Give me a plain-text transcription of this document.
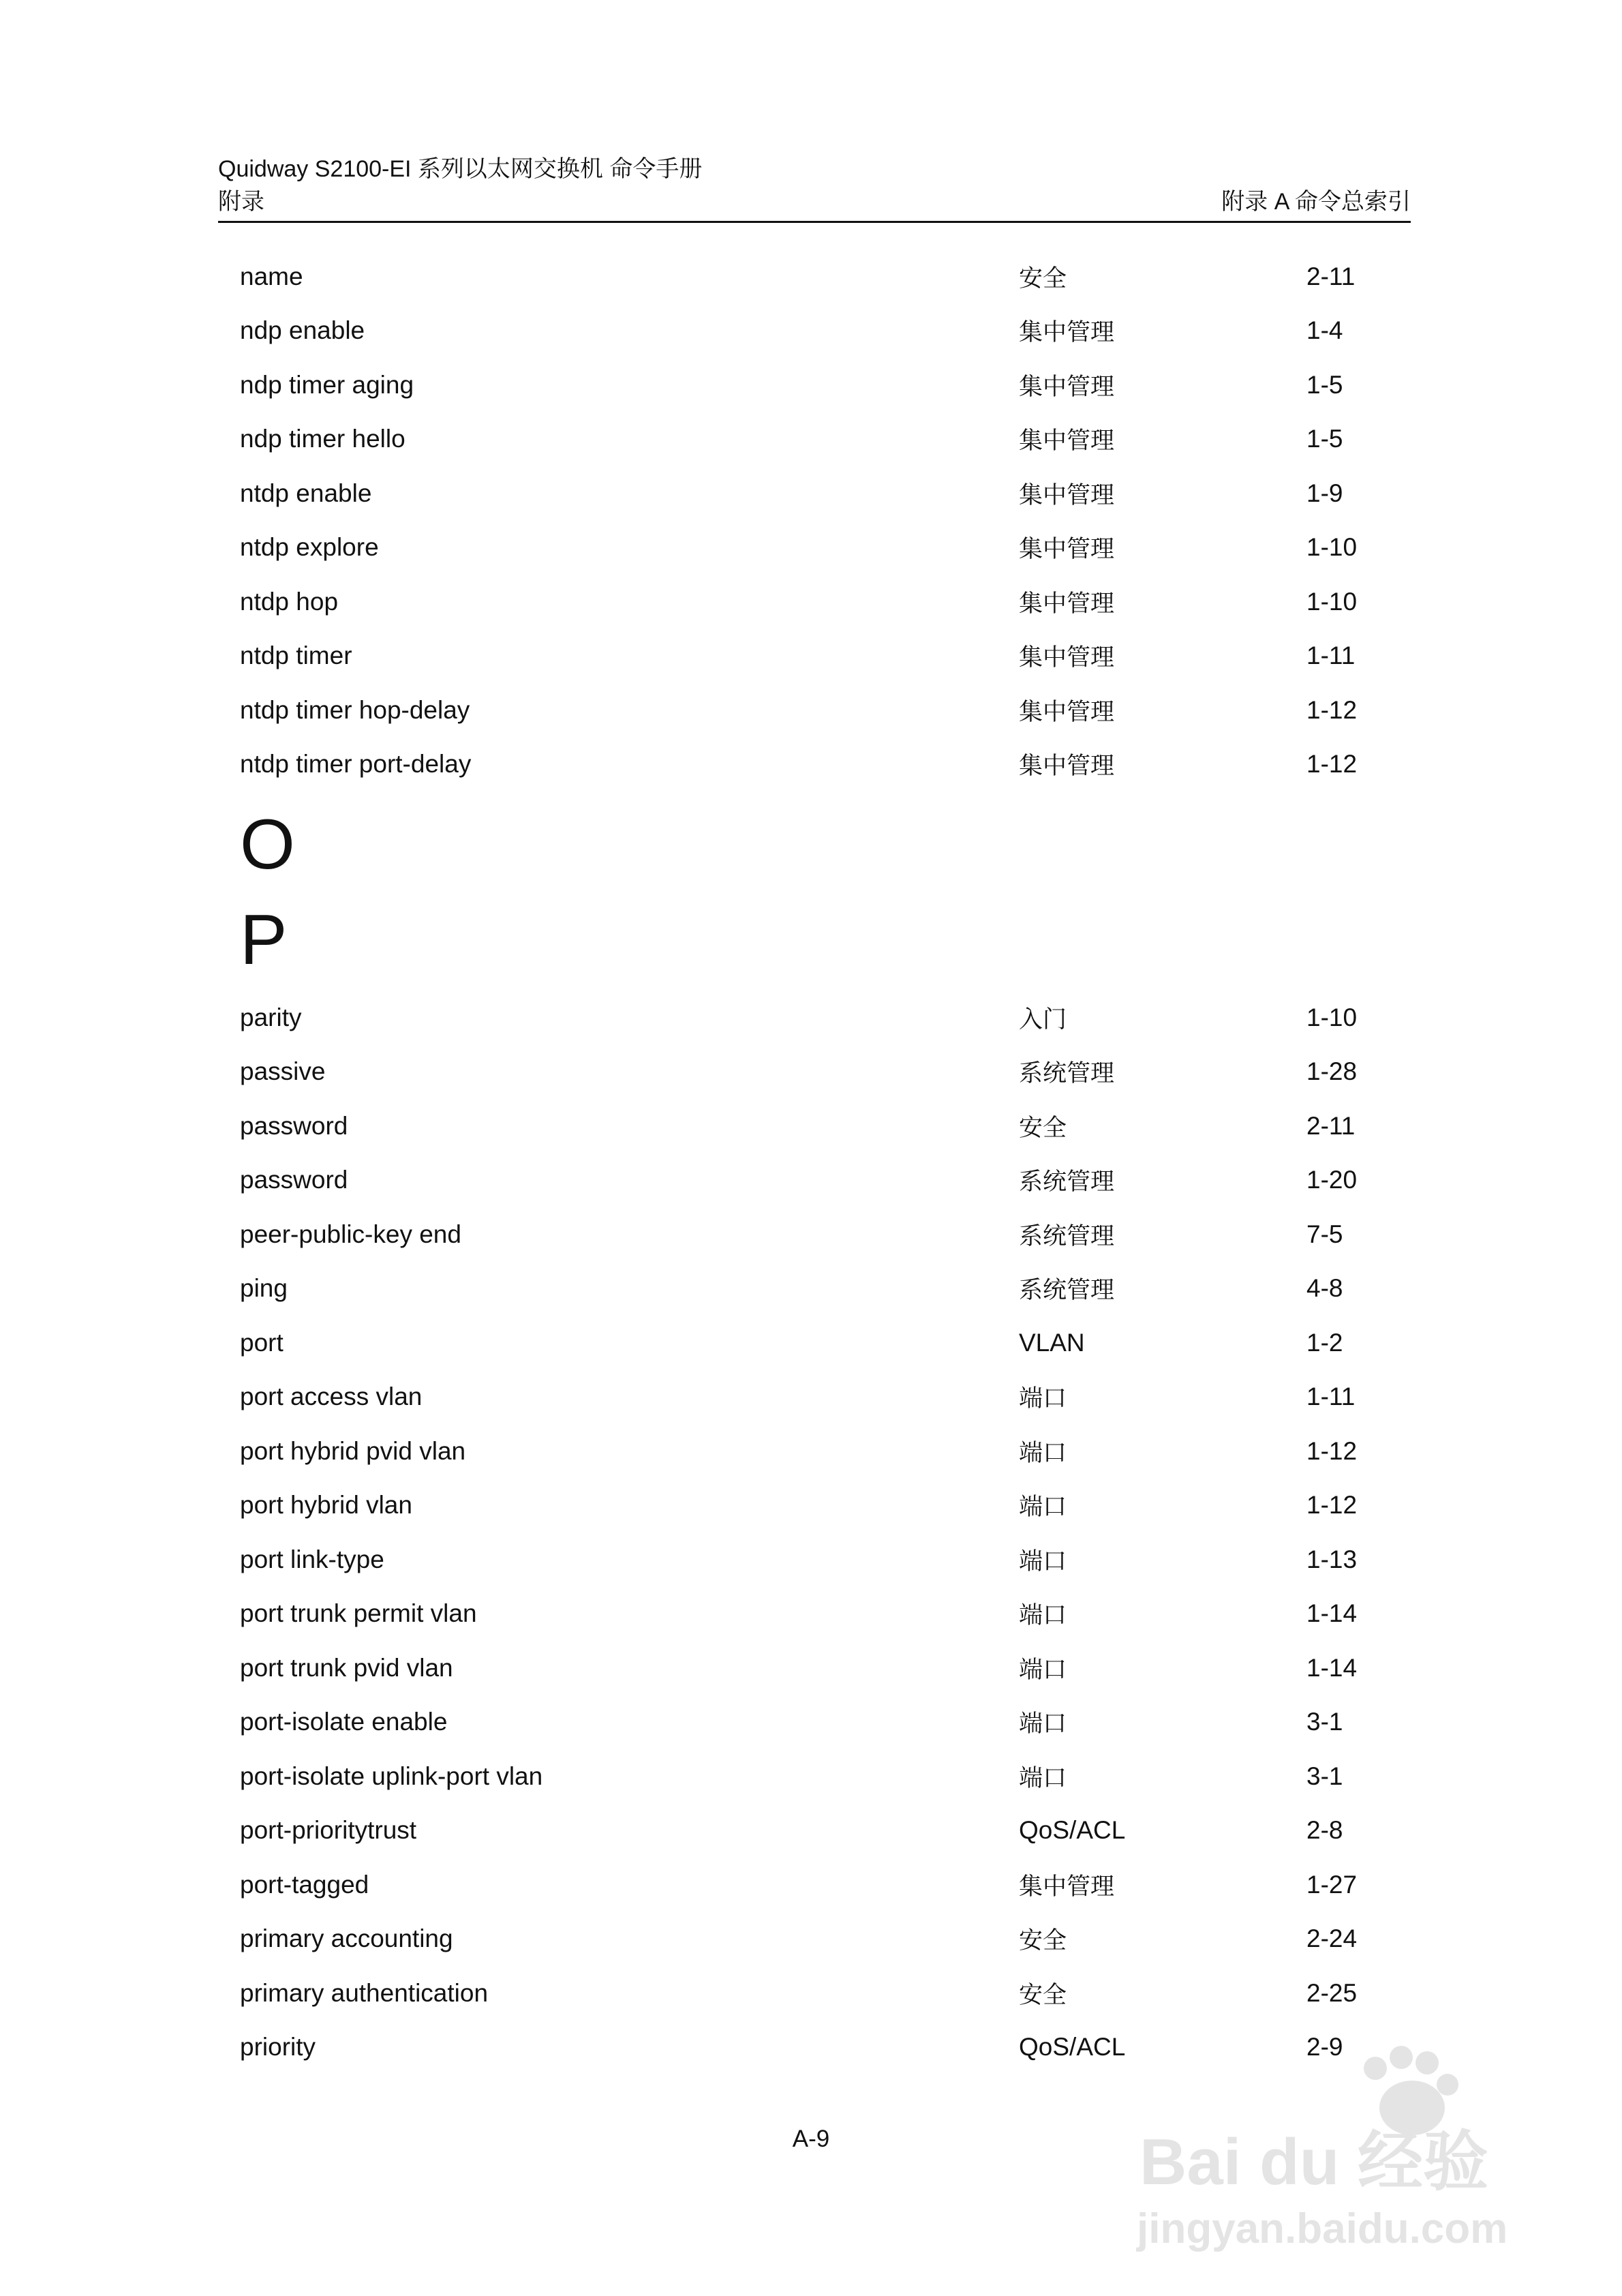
Quidway S2100-EI 系列以太网交换机 命令手册
附录	附录 A 命令总索引
name	安全	2-11
ndp enable	集中管理	1-4
ndp timer aging	集中管理	1-5
ndp timer hello	集中管理	1-5
ntdp enable	集中管理	1-9
ntdp explore	集中管理	1-10
ntdp hop	集中管理	1-10
ntdp timer	集中管理	1-11
ntdp timer hop-delay	集中管理	1-12
ntdp timer port-delay	集中管理	1-12
O
P
parity	入门	1-10
passive	系统管理	1-28
password	安全	2-11
password	系统管理	1-20
peer-public-key end	系统管理	7-5
ping	系统管理	4-8
port	VLAN	1-2
port access vlan	端口	1-11
port hybrid pvid vlan	端口	1-12
port hybrid vlan	端口	1-12
port link-type	端口	1-13
port trunk permit vlan	端口	1-14
port trunk pvid vlan	端口	1-14
port-isolate enable	端口	3-1
port-isolate uplink-port vlan	端口	3-1
port-prioritytrust	QoS/ACL	2-8
port-tagged	集中管理	1-27
primary accounting	安全	2-24
primary authentication	安全	2-25
priority	QoS/ACL	2-9
A-9	Bai du 经验
jingyan.baidu.com
